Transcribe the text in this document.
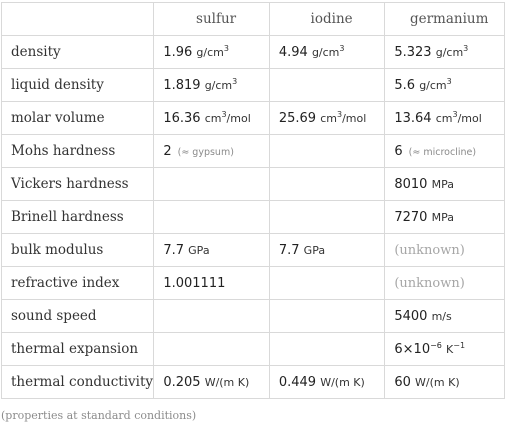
	sulfur	iodine	germanium
density	1.96 $g/cm^3$	4.94 $g/cm^3$	5.323 $g/cm^3$
liquid density	1.819 $g/cm^3$		5.6 $g/cm^3$
molar volume	16.36 $cm^3$/mol	25.69 $cm^3$/mol	13.64 $cm^3$/mol
Mohs hardness	2 (≈ gypsum)		6 (≈ microcline)
Vickers hardness			8010 MPa
Brinell hardness			7270 MPa
bulk modulus	7.7 GPa	7.7 GPa	(unknown)
refractive index	1.001111		(unknown)
sound speed			5400 m/s
thermal expansion			$6\times 10^{-6}$ $K^{-1}$
thermal conductivity	0.205 W/(m K)	0.449 W/(m K)	60 W/(m K)
(properties at standard conditions)
